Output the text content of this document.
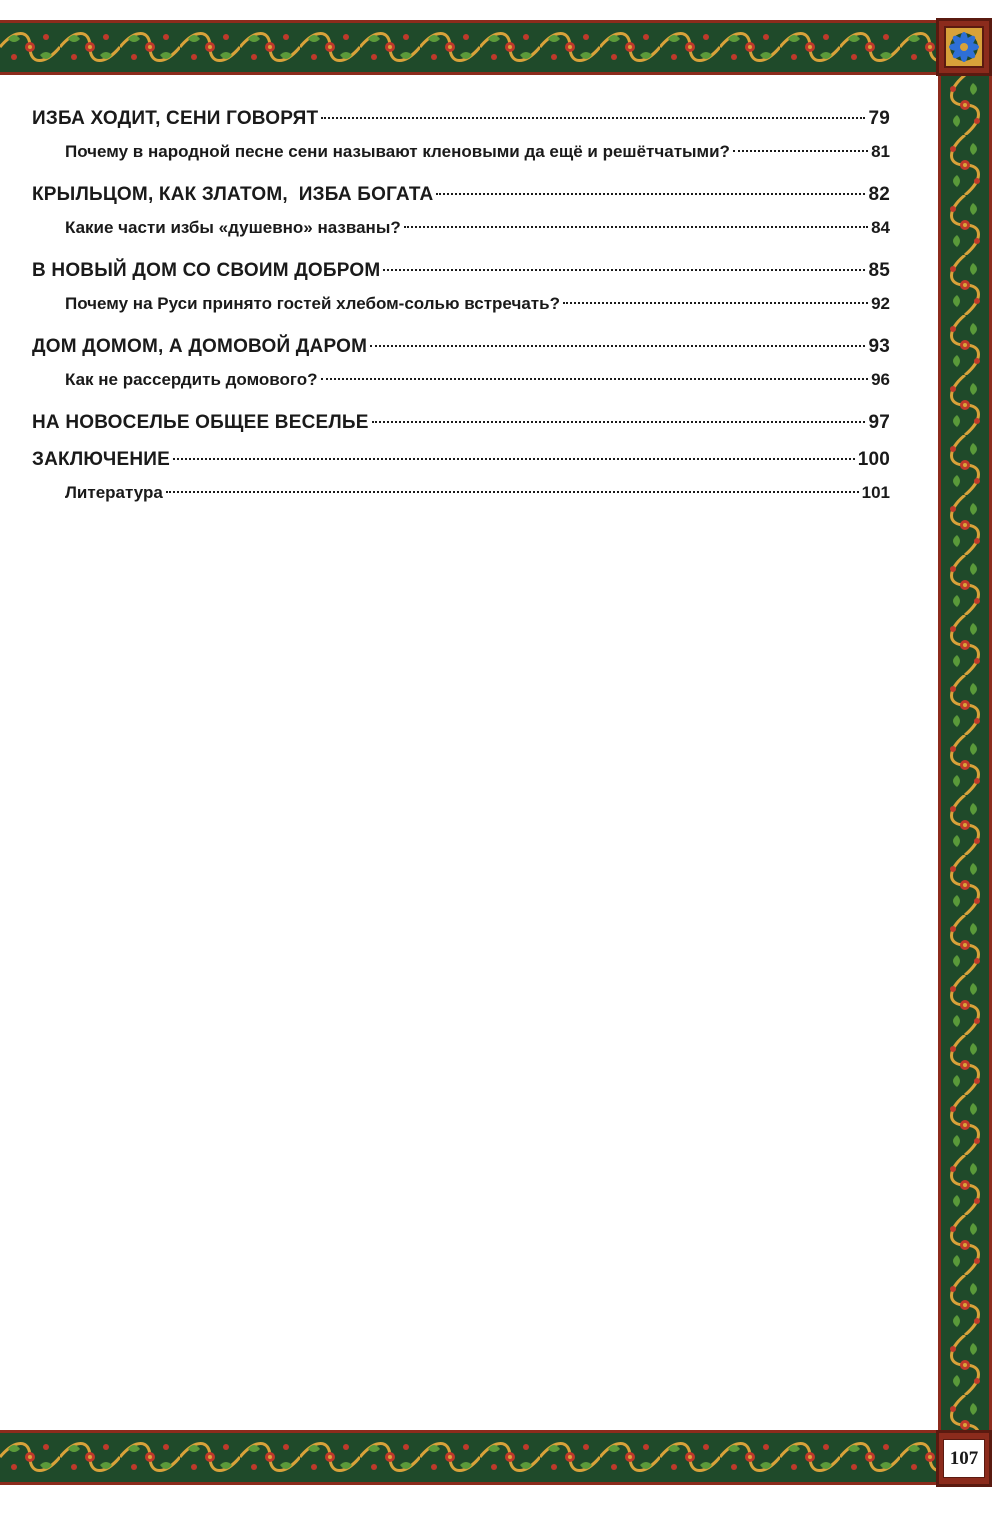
107
ИЗБА ХОДИТ, СЕНИ ГОВОРЯТ	79
Почему в народной песне сени называют кленовыми да ещё и решётчатыми?	81
КРЫЛЬЦОМ, КАК ЗЛАТОМ,  ИЗБА БОГАТА	82
Какие части избы «душевно» названы?	84
В НОВЫЙ ДОМ СО СВОИМ ДОБРОМ	85
Почему на Руси принято гостей хлебом-солью встречать?	92
ДОМ ДОМОМ, А ДОМОВОЙ ДАРОМ	93
Как не рассердить домового?	96
НА НОВОСЕЛЬЕ ОБЩЕЕ ВЕСЕЛЬЕ	97
ЗАКЛЮЧЕНИЕ	100
Литература	101
